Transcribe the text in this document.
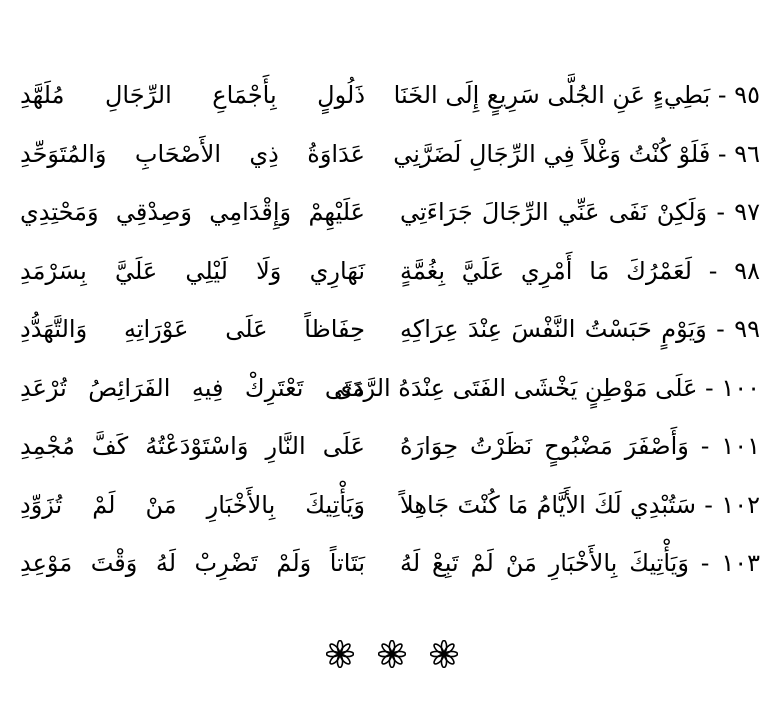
٩٥ - بَطِيءٍ عَنِ الجُلَّى سَرِيعٍ إِلَى الخَنَا
ذَلُولٍ بِأَجْمَاعِ الرِّجَالِ مُلَهَّدِ
٩٦ - فَلَوْ كُنْتُ وَغْلاً فِي الرِّجَالِ لَضَرَّنِي
عَدَاوَةُ ذِي الأَصْحَابِ وَالمُتَوَحِّدِ
٩٧ - وَلَكِنْ نَفَى عَنِّي الرِّجَالَ جَرَاءَتِي
عَلَيْهِمْ وَإِقْدَامِي وَصِدْقِي وَمَحْتِدِي
٩٨ - لَعَمْرُكَ مَا أَمْرِي عَلَيَّ بِغُمَّةٍ
نَهَارِي وَلَا لَيْلِي عَلَيَّ بِسَرْمَدِ
٩٩ - وَيَوْمٍ حَبَسْتُ النَّفْسَ عِنْدَ عِرَاكِهِ
حِفَاظاً عَلَى عَوْرَاتِهِ وَالتَّهَدُّدِ
١٠٠ - عَلَى مَوْطِنٍ يَخْشَى الفَتَى عِنْدَهُ الرَّدَى
مَتَى تَعْتَرِكْ فِيهِ الفَرَائِصُ تُرْعَدِ
١٠١ - وَأَصْفَرَ مَضْبُوحٍ نَظَرْتُ حِوَارَهُ
عَلَى النَّارِ وَاسْتَوْدَعْتُهُ كَفَّ مُجْمِدِ
١٠٢ - سَتُبْدِي لَكَ الأَيَّامُ مَا كُنْتَ جَاهِلاً
وَيَأْتِيكَ بِالأَخْبَارِ مَنْ لَمْ تُزَوِّدِ
١٠٣ - وَيَأْتِيكَ بِالأَخْبَارِ مَنْ لَمْ تَبِعْ لَهُ
بَتَاتاً وَلَمْ تَضْرِبْ لَهُ وَقْتَ مَوْعِدِ
